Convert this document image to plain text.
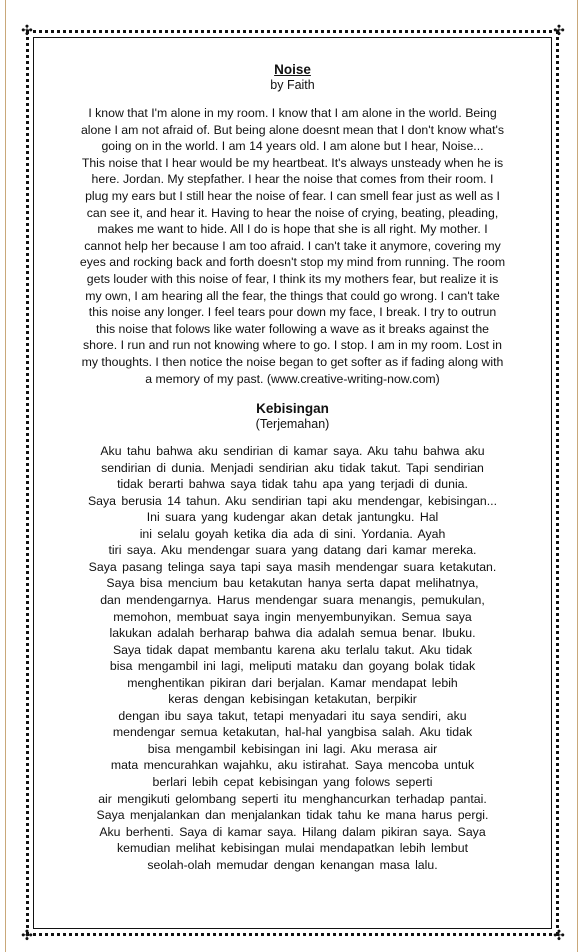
✣	✣
✣	✣
Noise
by Faith
I know that I'm alone in my room. I know that I am alone in the world. Being
alone I am not afraid of. But being alone doesnt mean that I don't know what's
going on in the world. I am 14 years old. I am alone but I hear, Noise...
This noise that I hear would be my heartbeat. It's always unsteady when he is
here. Jordan. My stepfather. I hear the noise that comes from their room. I
plug my ears but I still hear the noise of fear. I can smell fear just as well as I
can see it, and hear it. Having to hear the noise of crying, beating, pleading,
makes me want to hide. All I do is hope that she is all right. My mother. I
cannot help her because I am too afraid. I can't take it anymore, covering my
eyes and rocking back and forth doesn't stop my mind from running. The room
gets louder with this noise of fear, I think its my mothers fear, but realize it is
my own, I am hearing all the fear, the things that could go wrong. I can't take
this noise any longer. I feel tears pour down my face, I break. I try to outrun
this noise that folows like water following a wave as it breaks against the
shore. I run and run not knowing where to go. I stop. I am in my room. Lost in
my thoughts. I then notice the noise began to get softer as if fading along with
a memory of my past. (www.creative-writing-now.com)
Kebisingan
(Terjemahan)
Aku tahu bahwa aku sendirian di kamar saya. Aku tahu bahwa aku
sendirian di dunia. Menjadi sendirian aku tidak takut. Tapi sendirian
tidak berarti bahwa saya tidak tahu apa yang terjadi di dunia.
Saya berusia 14 tahun. Aku sendirian tapi aku mendengar, kebisingan...
Ini suara yang kudengar akan detak jantungku. Hal
ini selalu goyah ketika dia ada di sini. Yordania. Ayah
tiri saya. Aku mendengar suara yang datang dari kamar mereka.
Saya pasang telinga saya tapi saya masih mendengar suara ketakutan.
Saya bisa mencium bau ketakutan hanya serta dapat melihatnya,
dan mendengarnya. Harus mendengar suara menangis, pemukulan,
memohon, membuat saya ingin menyembunyikan. Semua saya
lakukan adalah berharap bahwa dia adalah semua benar. Ibuku.
Saya tidak dapat membantu karena aku terlalu takut. Aku tidak
bisa mengambil ini lagi, meliputi mataku dan goyang bolak tidak
menghentikan pikiran dari berjalan. Kamar mendapat lebih
keras dengan kebisingan ketakutan, berpikir
dengan ibu saya takut, tetapi menyadari itu saya sendiri, aku
mendengar semua ketakutan, hal-hal yangbisa salah. Aku tidak
bisa mengambil kebisingan ini lagi. Aku merasa air
mata mencurahkan wajahku, aku istirahat. Saya mencoba untuk
berlari lebih cepat kebisingan yang folows seperti
air mengikuti gelombang seperti itu menghancurkan terhadap pantai.
Saya menjalankan dan menjalankan tidak tahu ke mana harus pergi.
Aku berhenti. Saya di kamar saya. Hilang dalam pikiran saya. Saya
kemudian melihat kebisingan mulai mendapatkan lebih lembut
seolah-olah memudar dengan kenangan masa lalu.
